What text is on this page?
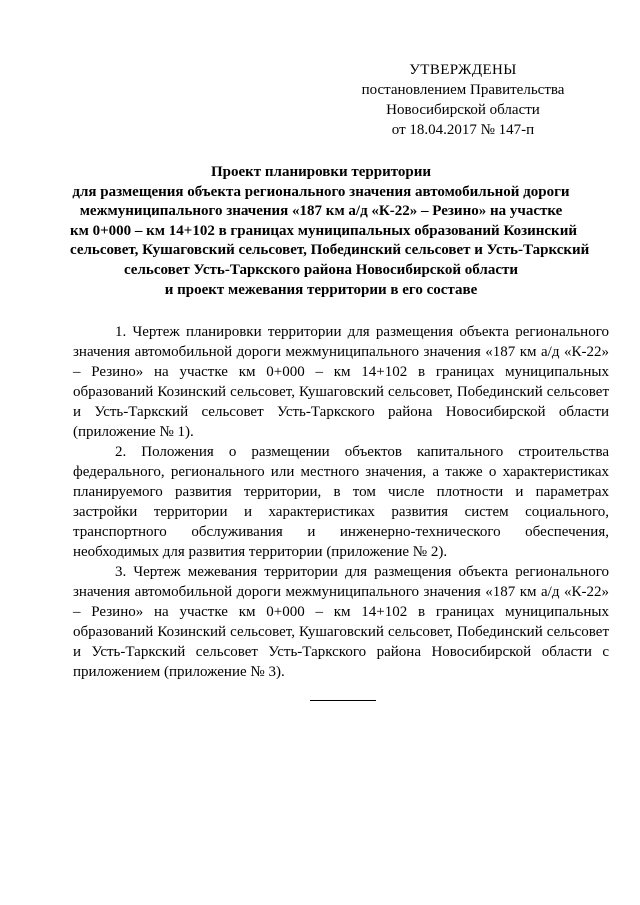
УТВЕРЖДЕНЫ
постановлением Правительства
Новосибирской области
от 18.04.2017 № 147-п
Проект планировки территории
для размещения объекта регионального значения автомобильной дороги
межмуниципального значения «187 км а/д «К-22» – Резино» на участке
км 0+000 – км 14+102 в границах муниципальных образований Козинский
сельсовет, Кушаговский сельсовет, Побединский сельсовет и Усть-Таркский
сельсовет Усть-Таркского района Новосибирской области
и проект межевания территории в его составе

1. Чертеж планировки территории для размещения объекта регионального значения автомобильной дороги межмуниципального значения «187 км а/д «К-22» – Резино» на участке км 0+000 – км 14+102 в границах муниципальных образований Козинский сельсовет, Кушаговский сельсовет, Побединский сельсовет и Усть-Таркский сельсовет Усть-Таркского района Новосибирской области (приложение № 1).

2. Положения о размещении объектов капитального строительства федерального, регионального или местного значения, а также о характеристиках планируемого развития территории, в том числе плотности и параметрах застройки территории и характеристиках развития систем социального, транспортного обслуживания и инженерно-технического обеспечения, необходимых для развития территории (приложение № 2).

3. Чертеж межевания территории для размещения объекта регионального значения автомобильной дороги межмуниципального значения «187 км а/д «К-22» – Резино» на участке км 0+000 – км 14+102 в границах муниципальных образований Козинский сельсовет, Кушаговский сельсовет, Побединский сельсовет и Усть-Таркский сельсовет Усть-Таркского района Новосибирской области с приложением (приложение № 3).
